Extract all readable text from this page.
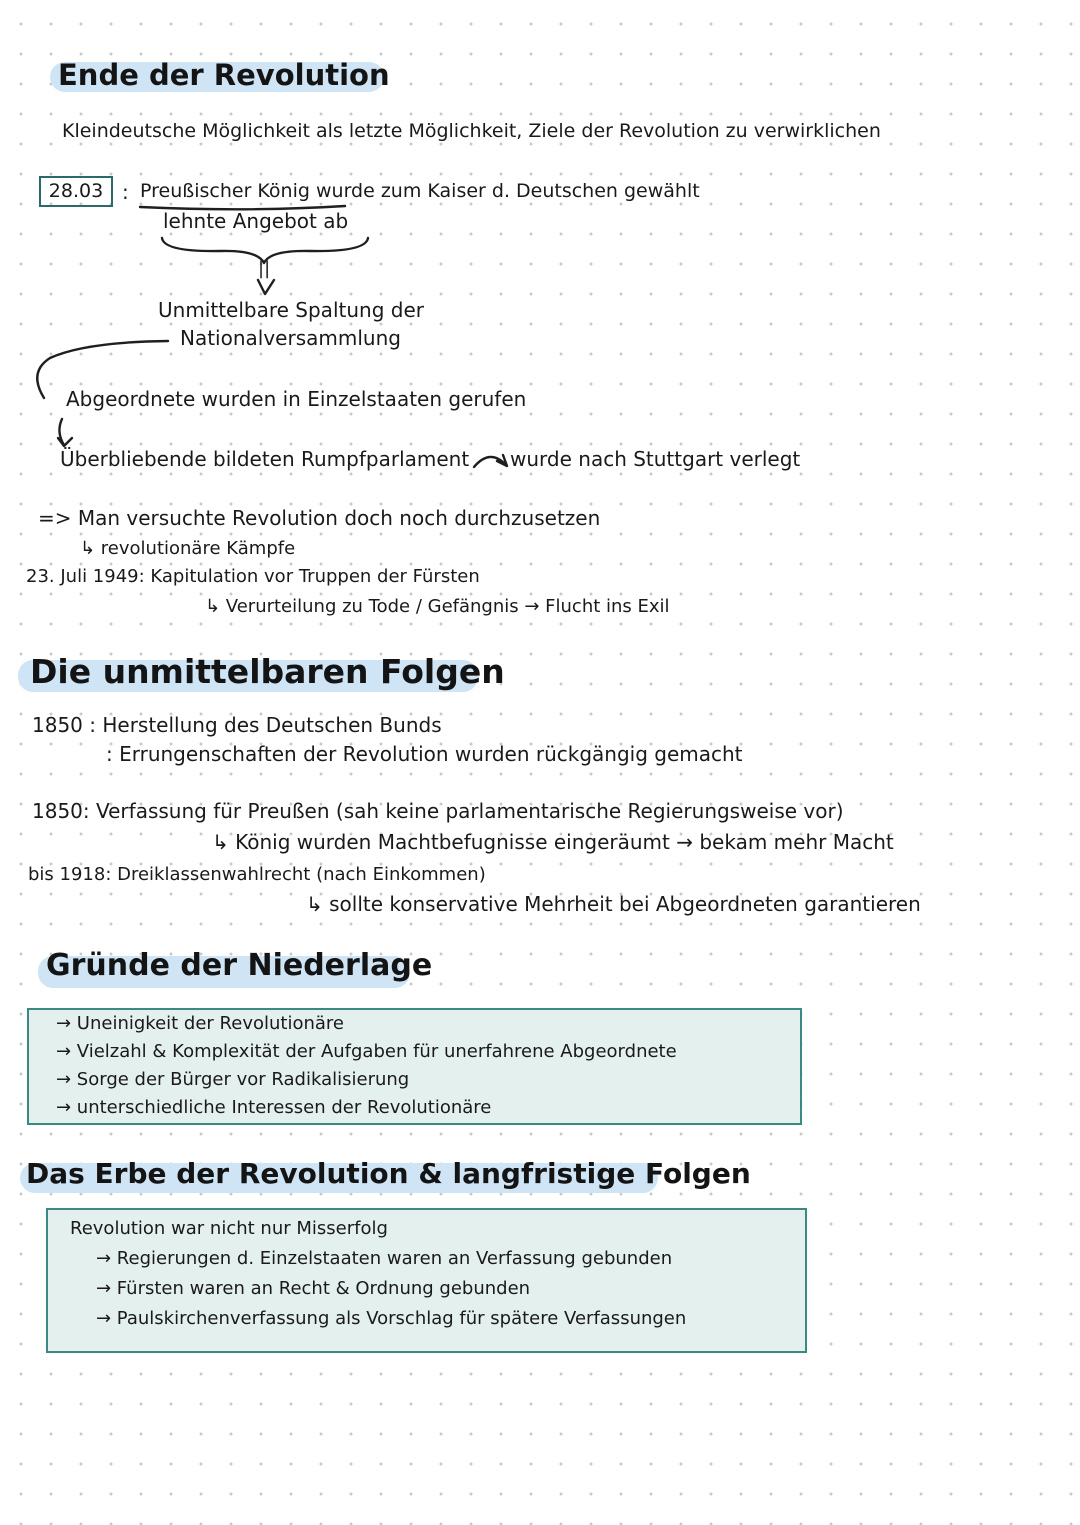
Ende der Revolution
Kleindeutsche Möglichkeit als letzte Möglichkeit, Ziele der Revolution zu verwirklichen
28.03 : Preußischer König wurde zum Kaiser d. Deutschen gewählt
lehnte Angebot ab
||
Unmittelbare Spaltung der
Nationalversammlung
Abgeordnete wurden in Einzelstaaten gerufen
Überbliebende bildeten Rumpfparlament wurde nach Stuttgart verlegt
=> Man versuchte Revolution doch noch durchzusetzen
↳ revolutionäre Kämpfe
23. Juli 1949: Kapitulation vor Truppen der Fürsten
↳ Verurteilung zu Tode / Gefängnis → Flucht ins Exil
Die unmittelbaren Folgen
1850 : Herstellung des Deutschen Bunds
: Errungenschaften der Revolution wurden rückgängig gemacht
1850: Verfassung für Preußen (sah keine parlamentarische Regierungsweise vor)
↳ König wurden Machtbefugnisse eingeräumt → bekam mehr Macht
bis 1918: Dreiklassenwahlrecht (nach Einkommen)
↳ sollte konservative Mehrheit bei Abgeordneten garantieren
Gründe der Niederlage
→ Uneinigkeit der Revolutionäre
→ Vielzahl & Komplexität der Aufgaben für unerfahrene Abgeordnete
→ Sorge der Bürger vor Radikalisierung
→ unterschiedliche Interessen der Revolutionäre
Das Erbe der Revolution & langfristige Folgen
Revolution war nicht nur Misserfolg
→ Regierungen d. Einzelstaaten waren an Verfassung gebunden
→ Fürsten waren an Recht & Ordnung gebunden
→ Paulskirchenverfassung als Vorschlag für spätere Verfassungen
